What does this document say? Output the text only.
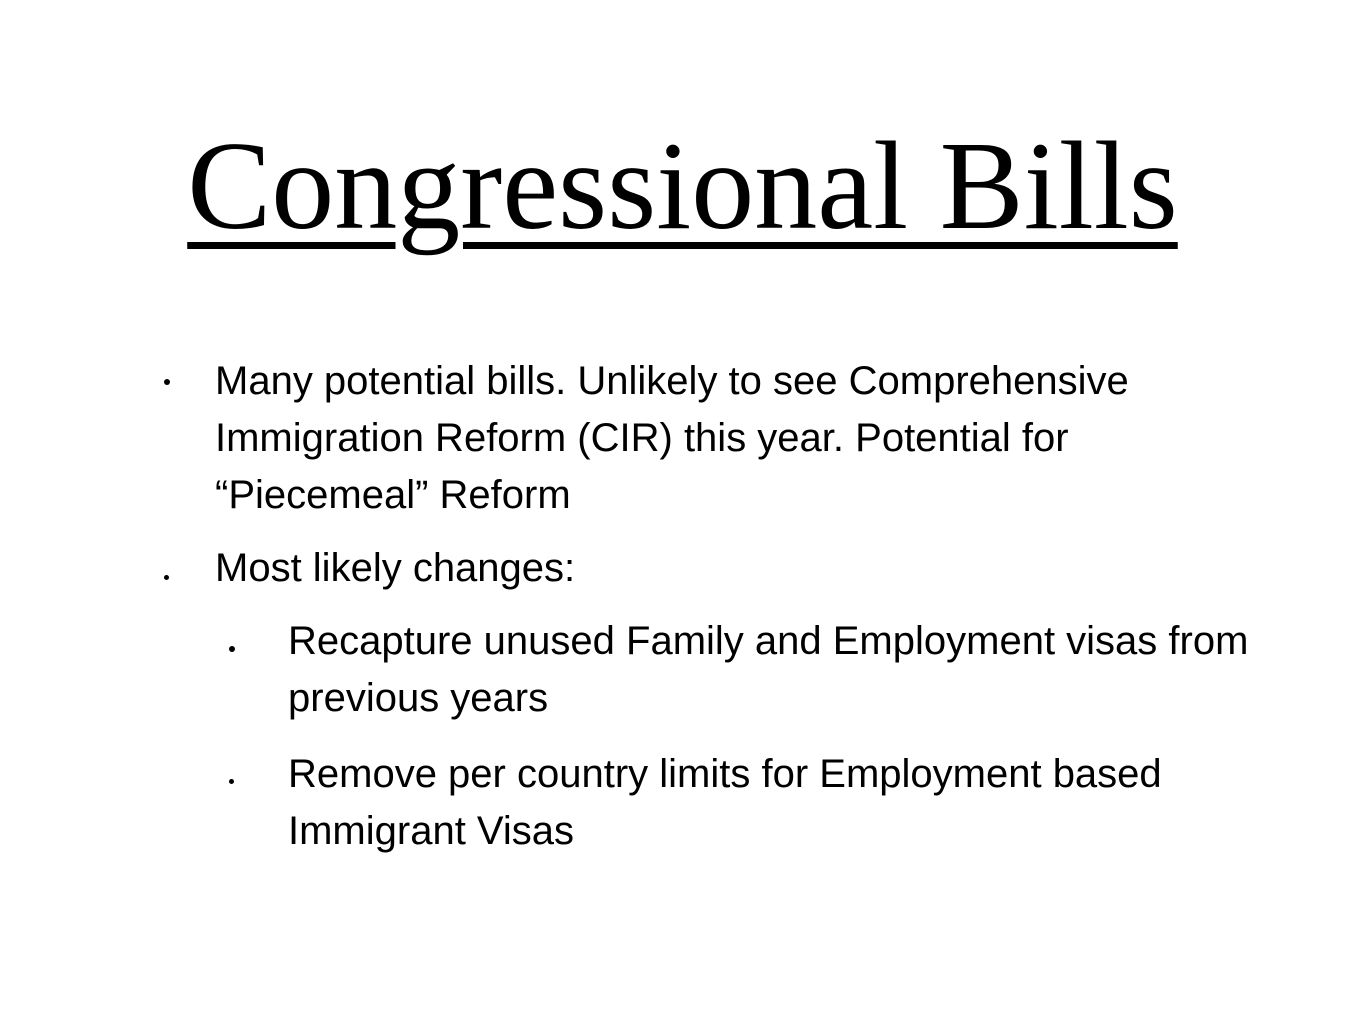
Congressional Bills

Many potential bills. Unlikely to see Comprehensive Immigration Reform (CIR) this year. Potential for “Piecemeal” Reform

Most likely changes:

Recapture unused Family and Employment visas from previous years

Remove per country limits for Employment based Immigrant Visas
